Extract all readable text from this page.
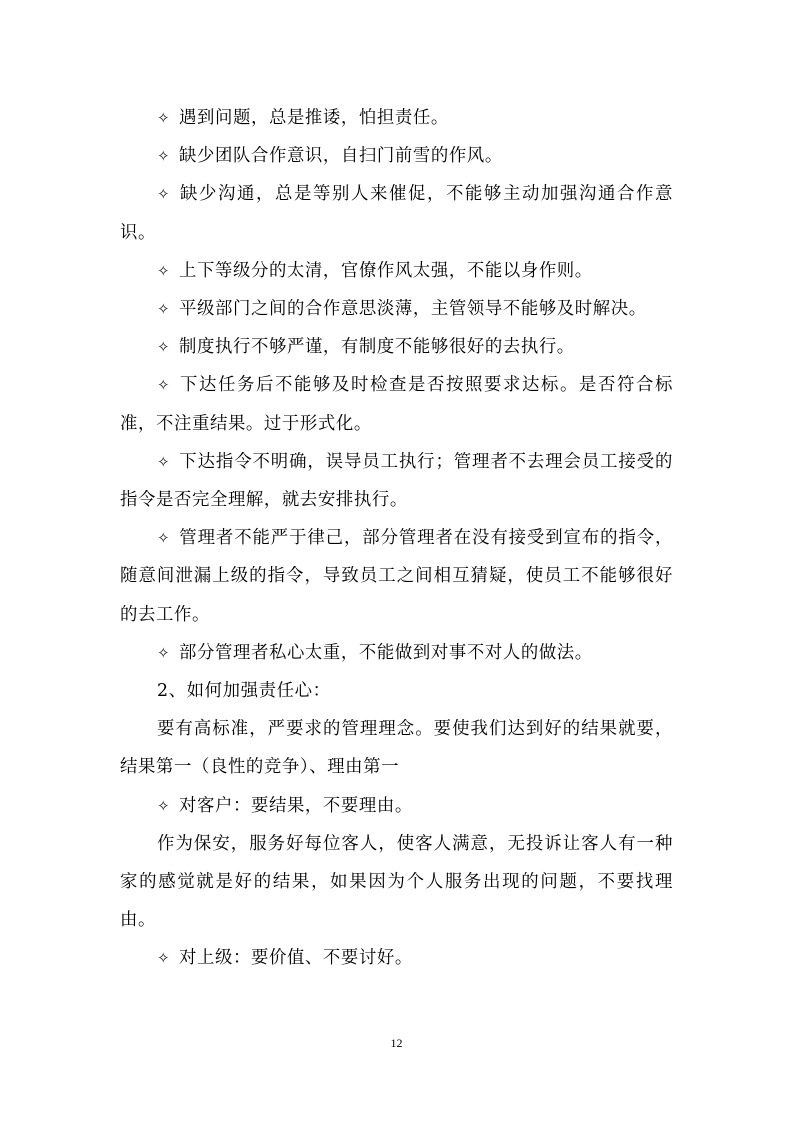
✧ 遇到问题，总是推诿，怕担责任。

✧ 缺少团队合作意识，自扫门前雪的作风。

✧ 缺少沟通，总是等别人来催促，不能够主动加强沟通合作意识。

✧ 上下等级分的太清，官僚作风太强，不能以身作则。

✧ 平级部门之间的合作意思淡薄，主管领导不能够及时解决。

✧ 制度执行不够严谨，有制度不能够很好的去执行。

✧ 下达任务后不能够及时检查是否按照要求达标。是否符合标准，不注重结果。过于形式化。

✧ 下达指令不明确，误导员工执行；管理者不去理会员工接受的指令是否完全理解，就去安排执行。

✧ 管理者不能严于律己，部分管理者在没有接受到宣布的指令，随意间泄漏上级的指令，导致员工之间相互猜疑，使员工不能够很好的去工作。

✧ 部分管理者私心太重，不能做到对事不对人的做法。

2、如何加强责任心：

要有高标准，严要求的管理理念。要使我们达到好的结果就要，结果第一（良性的竞争）、理由第一

✧ 对客户：要结果，不要理由。

作为保安，服务好每位客人，使客人满意，无投诉让客人有一种家的感觉就是好的结果，如果因为个人服务出现的问题，不要找理由。

✧ 对上级：要价值、不要讨好。

12
